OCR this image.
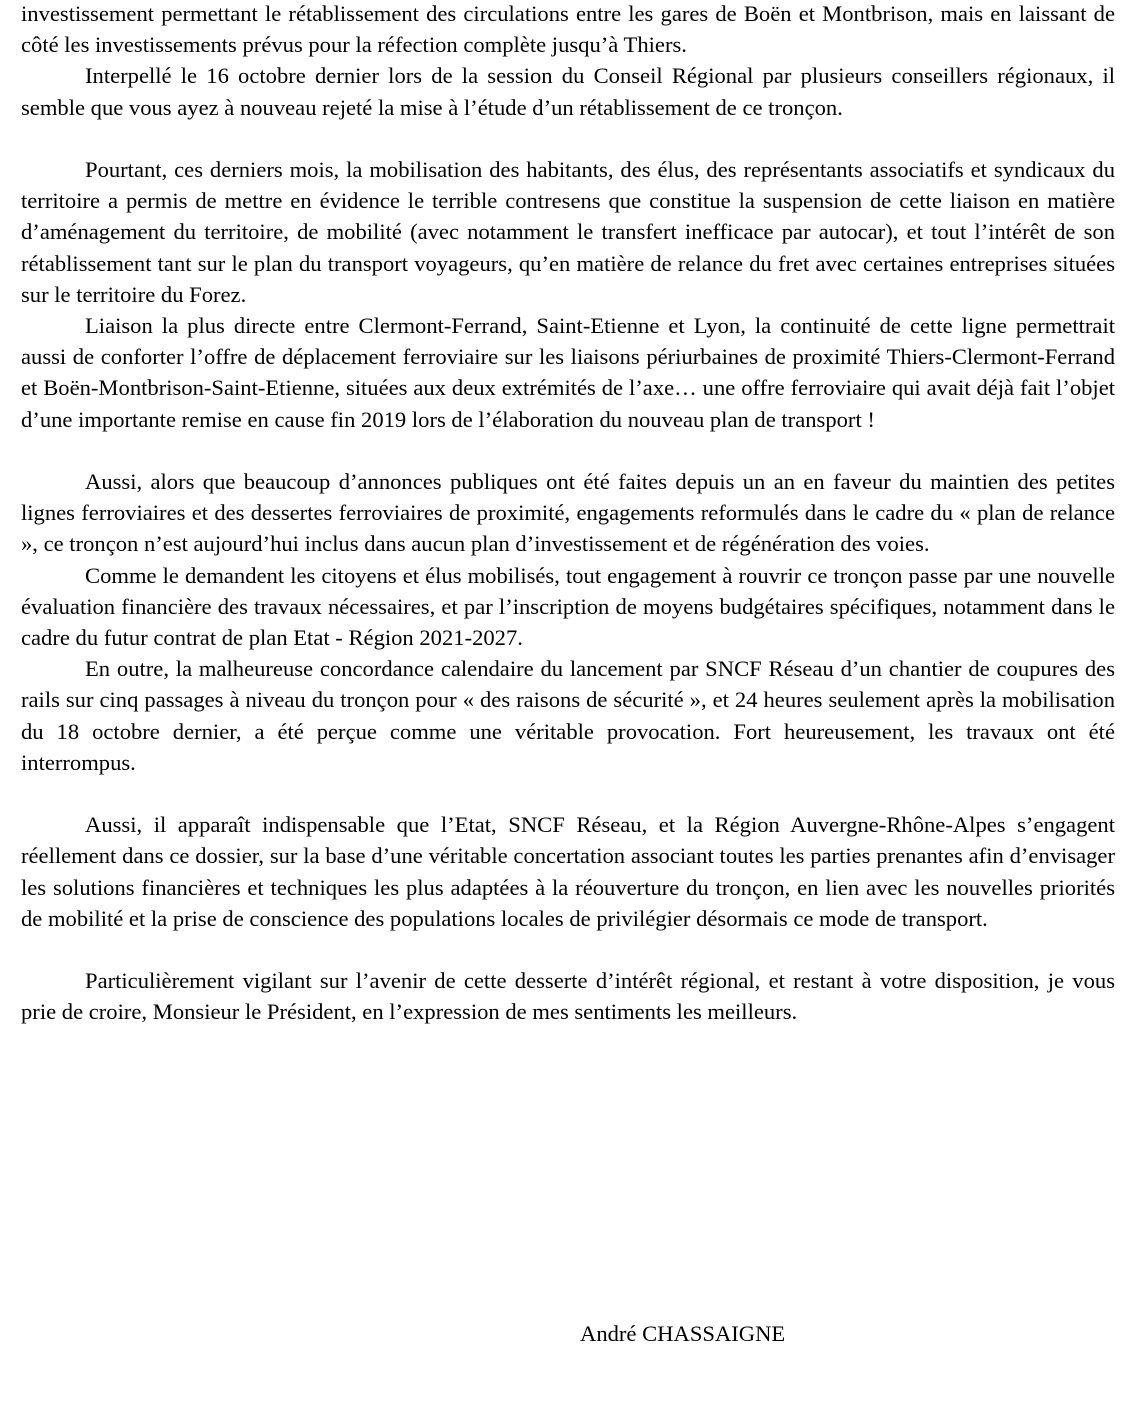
investissement permettant le rétablissement des circulations entre les gares de Boën et Montbrison, mais en laissant de côté les investissements prévus pour la réfection complète jusqu’à Thiers.

Interpellé le 16 octobre dernier lors de la session du Conseil Régional par plusieurs conseillers régionaux, il semble que vous ayez à nouveau rejeté la mise à l’étude d’un rétablissement de ce tronçon.

Pourtant, ces derniers mois, la mobilisation des habitants, des élus, des représentants associatifs et syndicaux du territoire a permis de mettre en évidence le terrible contresens que constitue la suspension de cette liaison en matière d’aménagement du territoire, de mobilité (avec notamment le transfert inefficace par autocar), et tout l’intérêt de son rétablissement tant sur le plan du transport voyageurs, qu’en matière de relance du fret avec certaines entreprises situées sur le territoire du Forez.

Liaison la plus directe entre Clermont-Ferrand, Saint-Etienne et Lyon, la continuité de cette ligne permettrait aussi de conforter l’offre de déplacement ferroviaire sur les liaisons périurbaines de proximité Thiers-Clermont-Ferrand et Boën-Montbrison-Saint-Etienne, situées aux deux extrémités de l’axe… une offre ferroviaire qui avait déjà fait l’objet d’une importante remise en cause fin 2019 lors de l’élaboration du nouveau plan de transport !

Aussi, alors que beaucoup d’annonces publiques ont été faites depuis un an en faveur du maintien des petites lignes ferroviaires et des dessertes ferroviaires de proximité, engagements reformulés dans le cadre du « plan de relance », ce tronçon n’est aujourd’hui inclus dans aucun plan d’investissement et de régénération des voies.

Comme le demandent les citoyens et élus mobilisés, tout engagement à rouvrir ce tronçon passe par une nouvelle évaluation financière des travaux nécessaires, et par l’inscription de moyens budgétaires spécifiques, notamment dans le cadre du futur contrat de plan Etat - Région 2021-2027.

En outre, la malheureuse concordance calendaire du lancement par SNCF Réseau d’un chantier de coupures des rails sur cinq passages à niveau du tronçon pour « des raisons de sécurité », et 24 heures seulement après la mobilisation du 18 octobre dernier, a été perçue comme une véritable provocation. Fort heureusement, les travaux ont été interrompus.

Aussi, il apparaît indispensable que l’Etat, SNCF Réseau, et la Région Auvergne-Rhône-Alpes s’engagent réellement dans ce dossier, sur la base d’une véritable concertation associant toutes les parties prenantes afin d’envisager les solutions financières et techniques les plus adaptées à la réouverture du tronçon, en lien avec les nouvelles priorités de mobilité et la prise de conscience des populations locales de privilégier désormais ce mode de transport.

Particulièrement vigilant sur l’avenir de cette desserte d’intérêt régional, et restant à votre disposition, je vous prie de croire, Monsieur le Président, en l’expression de mes sentiments les meilleurs.

André CHASSAIGNE
